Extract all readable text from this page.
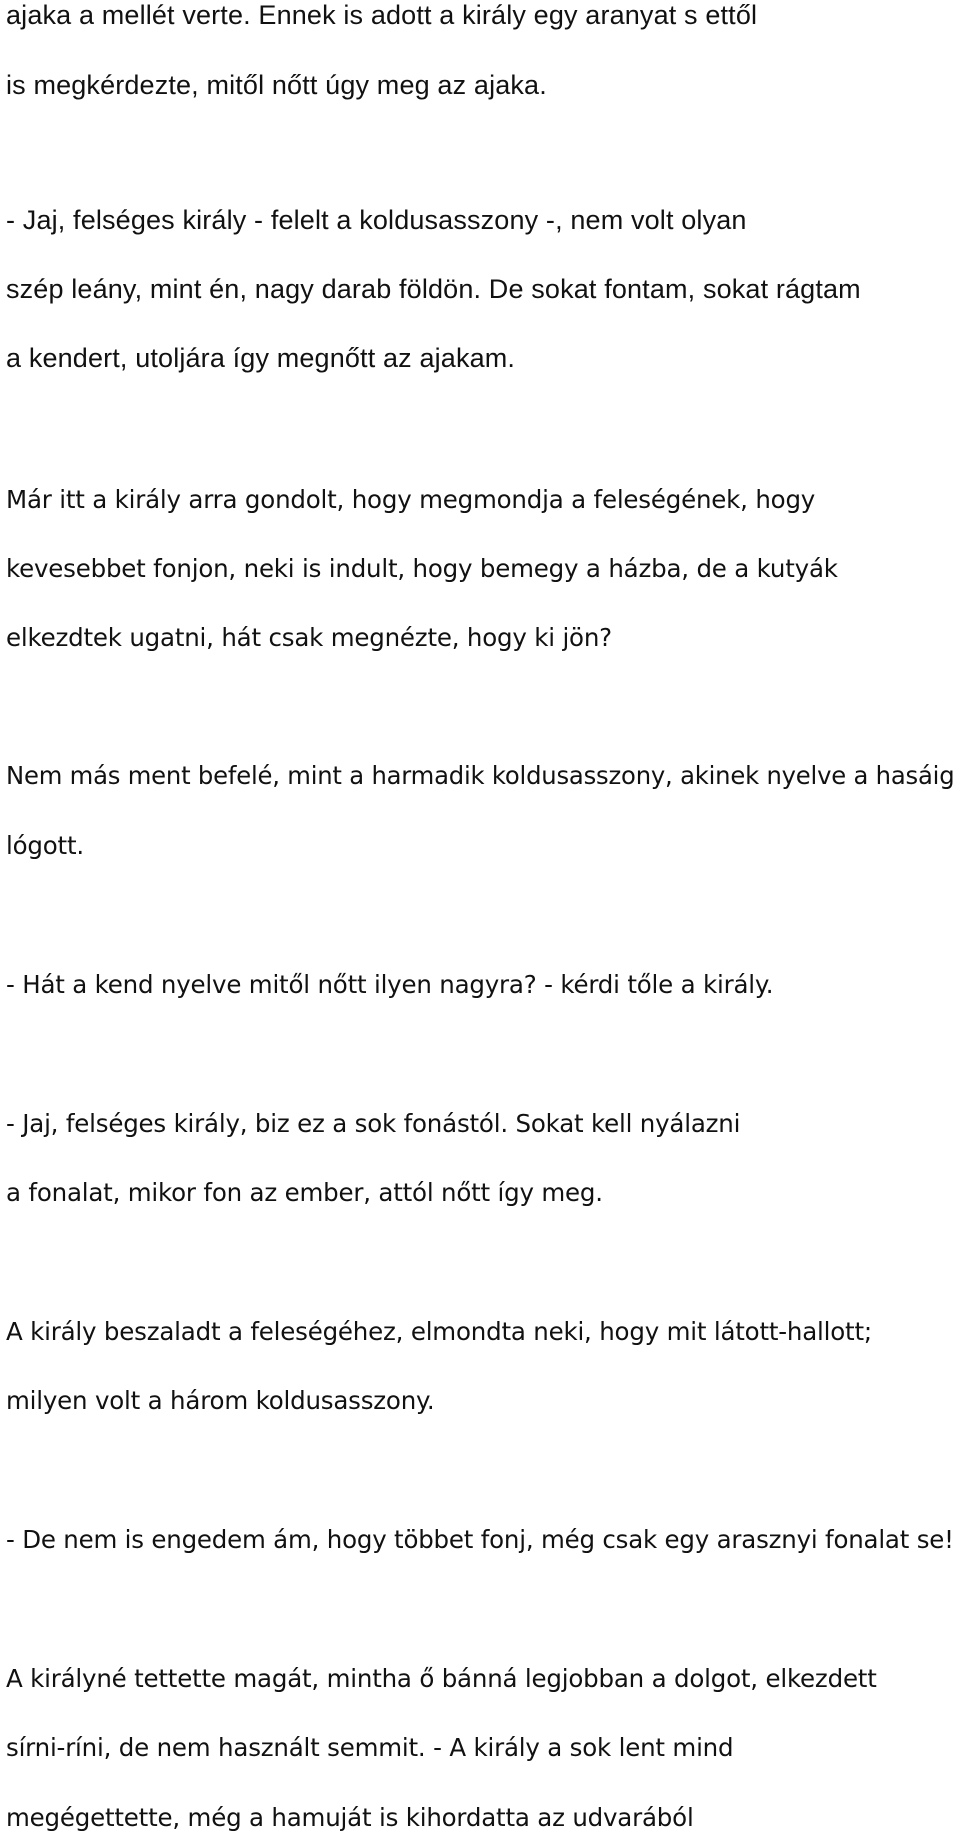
ajaka a mellét verte. Ennek is adott a király egy aranyat s ettől
is megkérdezte, mitől nőtt úgy meg az ajaka.
- Jaj, felséges király - felelt a koldusasszony -, nem volt olyan
szép leány, mint én, nagy darab földön. De sokat fontam, sokat rágtam
a kendert, utoljára így megnőtt az ajakam.
Már itt a király arra gondolt, hogy megmondja a feleségének, hogy
kevesebbet fonjon, neki is indult, hogy bemegy a házba, de a kutyák
elkezdtek ugatni, hát csak megnézte, hogy ki jön?
Nem más ment befelé, mint a harmadik koldusasszony, akinek nyelve a hasáig
lógott.
- Hát a kend nyelve mitől nőtt ilyen nagyra? - kérdi tőle a király.
- Jaj, felséges király, biz ez a sok fonástól. Sokat kell nyálazni
a fonalat, mikor fon az ember, attól nőtt így meg.
A király beszaladt a feleségéhez, elmondta neki, hogy mit látott-hallott;
milyen volt a három koldusasszony.
- De nem is engedem ám, hogy többet fonj, még csak egy arasznyi fonalat se!
A királyné tettette magát, mintha ő bánná legjobban a dolgot, elkezdett
sírni-ríni, de nem használt semmit. - A király a sok lent mind
megégettette, még a hamuját is kihordatta az udvarából
